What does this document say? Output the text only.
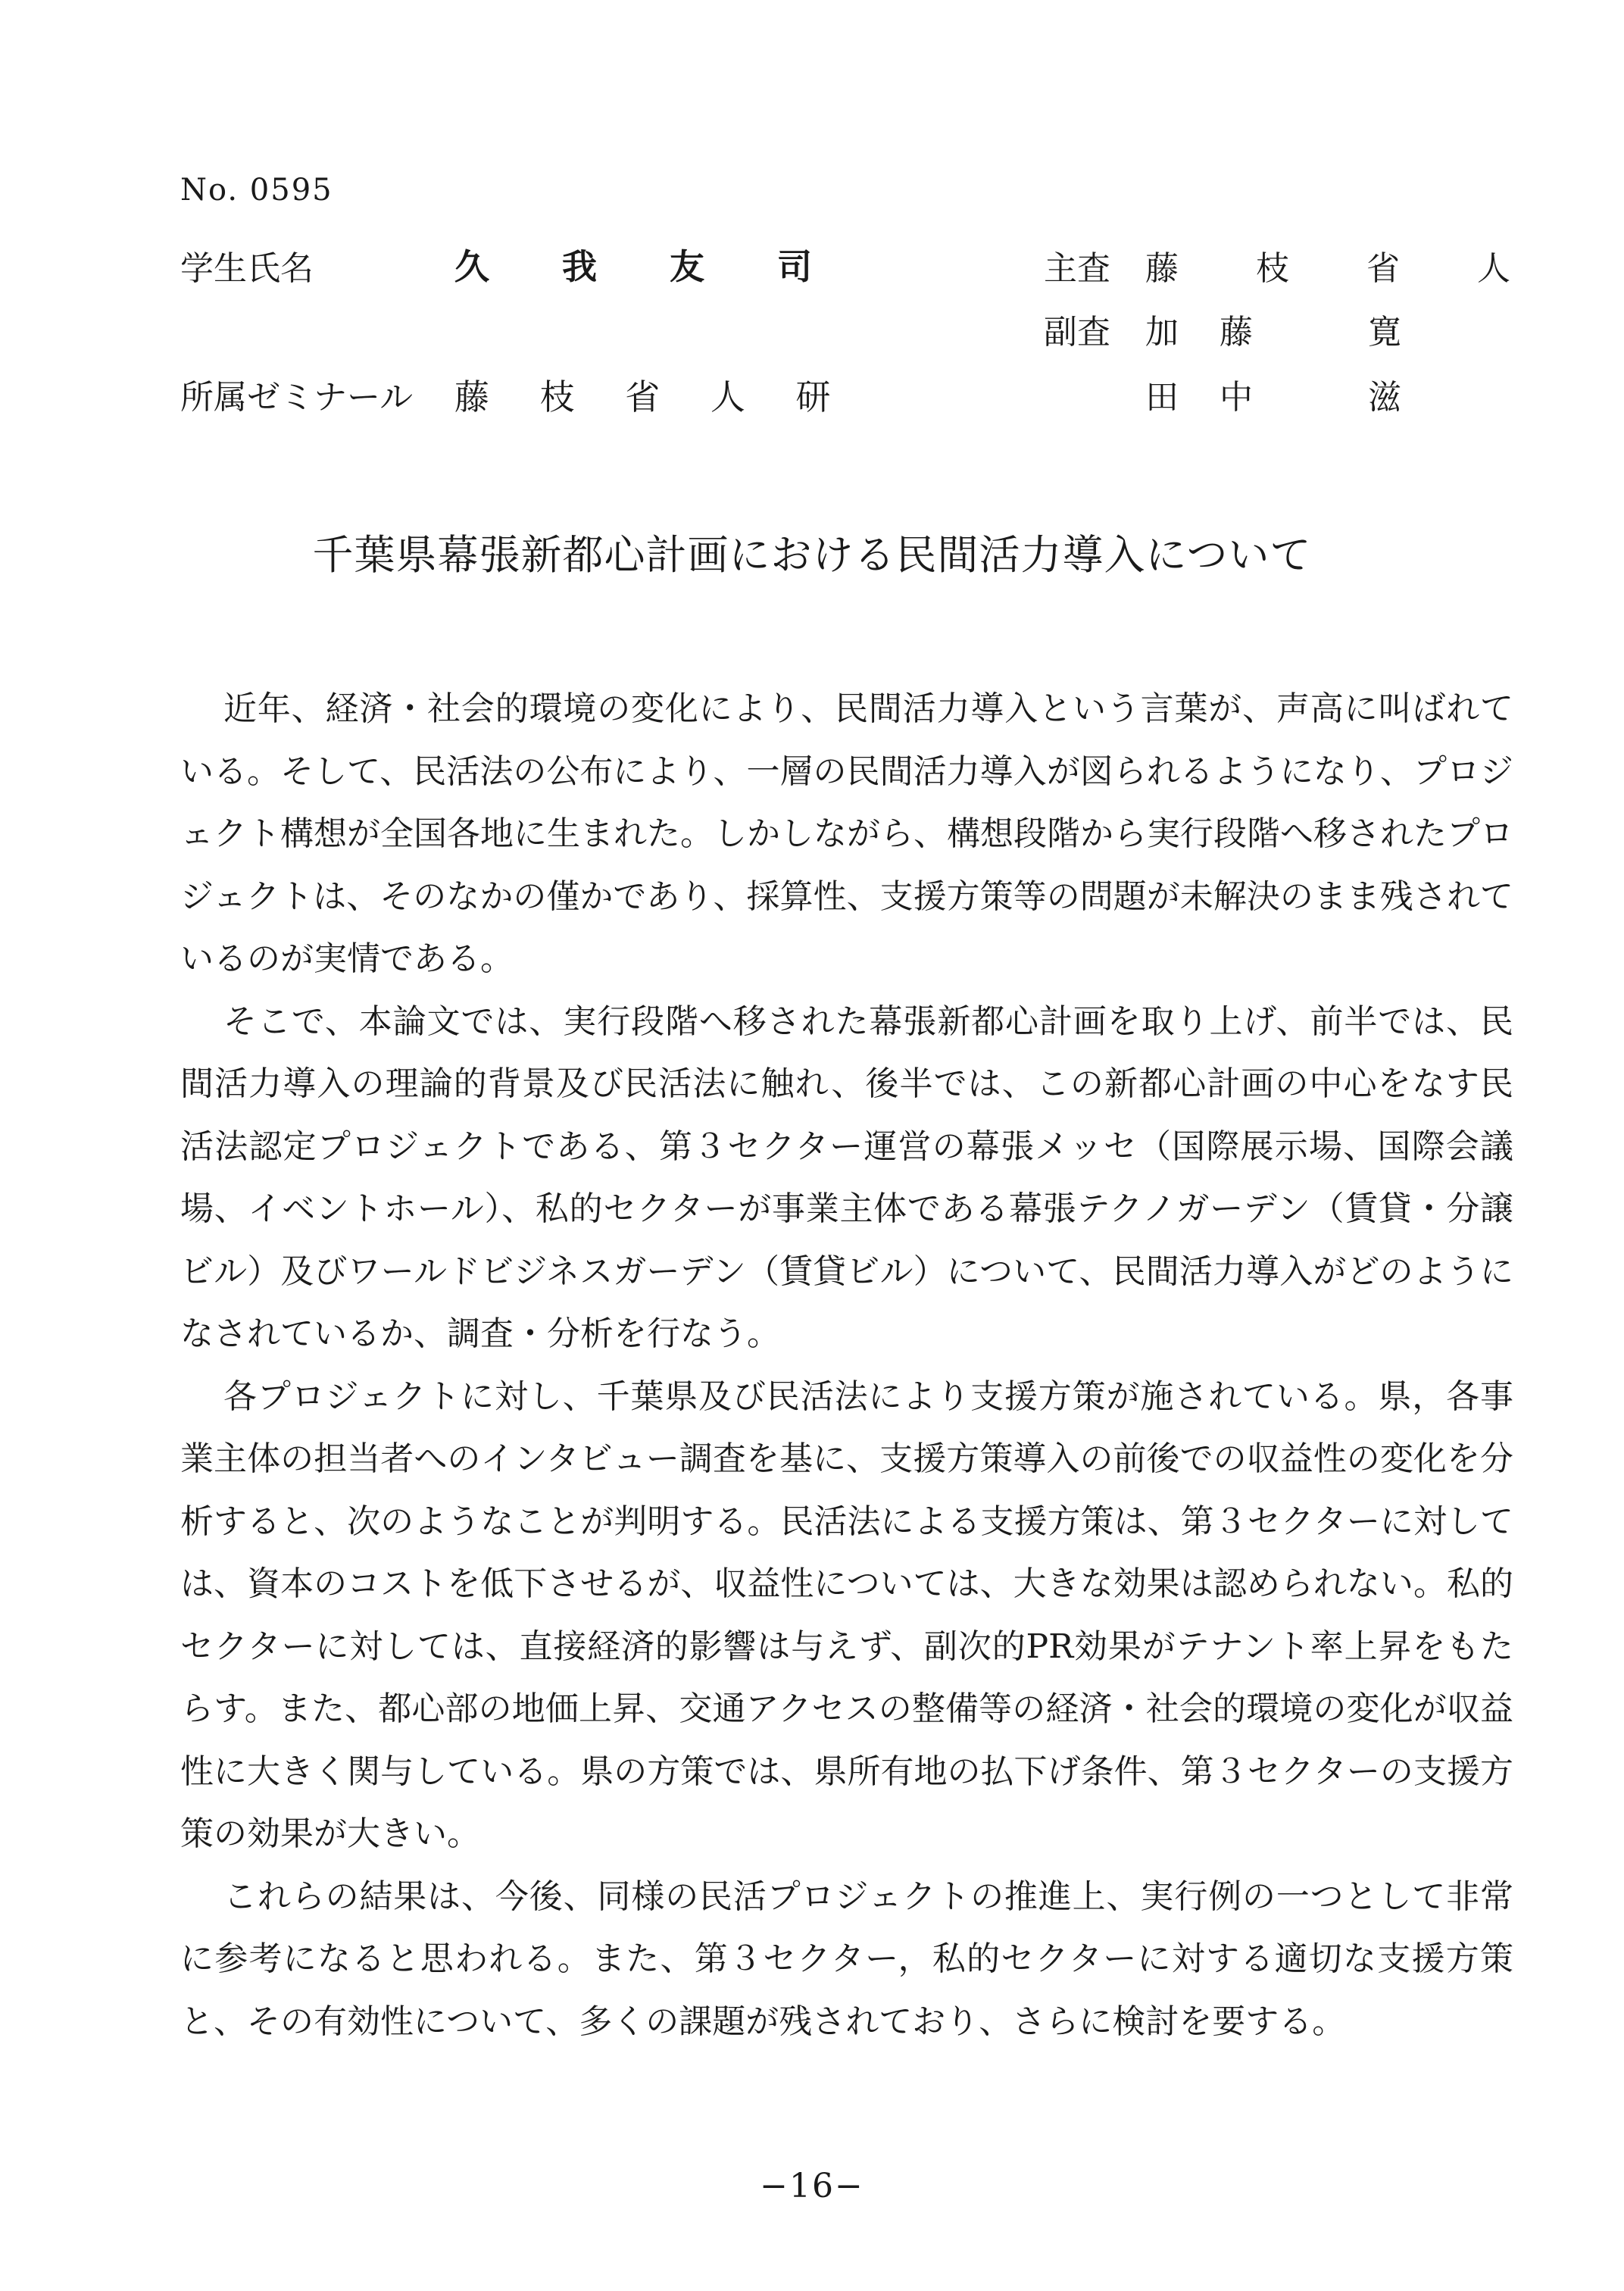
No. 0595
学生氏名	久 我 友 司	主査 藤 枝 省 人
副査 加 藤 　 寛
所属ゼミナール 藤 枝 省 人 研	田 中 　 滋
千葉県幕張新都心計画における民間活力導入について

近年、経済・社会的環境の変化により、民間活力導入という言葉が、声高に叫ばれている。そして、民活法の公布により、一層の民間活力導入が図られるようになり、プロジェクト構想が全国各地に生まれた。しかしながら、構想段階から実行段階へ移されたプロジェクトは、そのなかの僅かであり、採算性、支援方策等の問題が未解決のまま残されているのが実情である。

そこで、本論文では、実行段階へ移された幕張新都心計画を取り上げ、前半では、民間活力導入の理論的背景及び民活法に触れ、後半では、この新都心計画の中心をなす民活法認定プロジェクトである、第３セクター運営の幕張メッセ（国際展示場、国際会議場、イベントホール）、私的セクターが事業主体である幕張テクノガーデン（賃貸・分譲ビル）及びワールドビジネスガーデン（賃貸ビル）について、民間活力導入がどのようになされているか、調査・分析を行なう。

各プロジェクトに対し、千葉県及び民活法により支援方策が施されている。県，各事業主体の担当者へのインタビュー調査を基に、支援方策導入の前後での収益性の変化を分析すると、次のようなことが判明する。民活法による支援方策は、第３セクターに対しては、資本のコストを低下させるが、収益性については、大きな効果は認められない。私的セクターに対しては、直接経済的影響は与えず、副次的PR効果がテナント率上昇をもたらす。また、都心部の地価上昇、交通アクセスの整備等の経済・社会的環境の変化が収益性に大きく関与している。県の方策では、県所有地の払下げ条件、第３セクターの支援方策の効果が大きい。

これらの結果は、今後、同様の民活プロジェクトの推進上、実行例の一つとして非常に参考になると思われる。また、第３セクター，私的セクターに対する適切な支援方策と、その有効性について、多くの課題が残されており、さらに検討を要する。

−16−
